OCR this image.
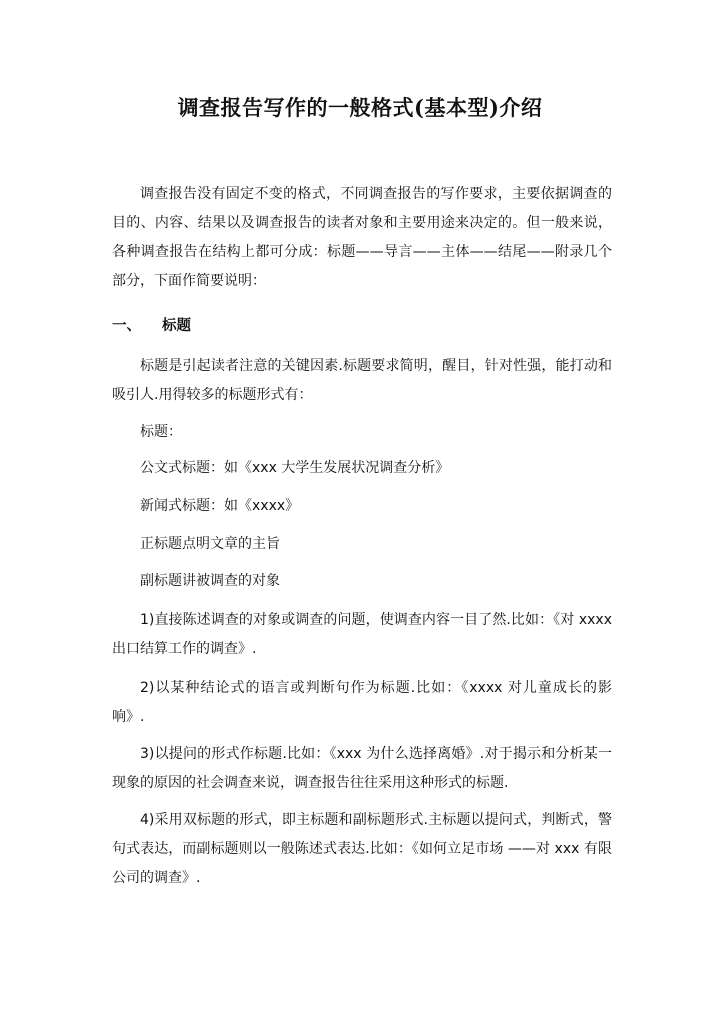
调查报告写作的一般格式(基本型)介绍

调查报告没有固定不变的格式，不同调查报告的写作要求，主要依据调查的目的、内容、结果以及调查报告的读者对象和主要用途来决定的。但一般来说，各种调查报告在结构上都可分成：标题——导言——主体——结尾——附录几个部分，下面作简要说明：

一、 标题

标题是引起读者注意的关键因素.标题要求简明，醒目，针对性强，能打动和吸引人.用得较多的标题形式有：

标题：

公文式标题：如《xxx 大学生发展状况调查分析》

新闻式标题：如《xxxx》

正标题点明文章的主旨

副标题讲被调查的对象

1)直接陈述调查的对象或调查的问题，使调查内容一目了然.比如：《对 xxxx 出口结算工作的调查》.

2)以某种结论式的语言或判断句作为标题.比如：《xxxx 对儿童成长的影响》.

3)以提问的形式作标题.比如：《xxx 为什么选择离婚》.对于揭示和分析某一现象的原因的社会调查来说，调查报告往往采用这种形式的标题.

4)采用双标题的形式，即主标题和副标题形式.主标题以提问式，判断式，警句式表达，而副标题则以一般陈述式表达.比如：《如何立足市场 ——对 xxx 有限公司的调查》.
